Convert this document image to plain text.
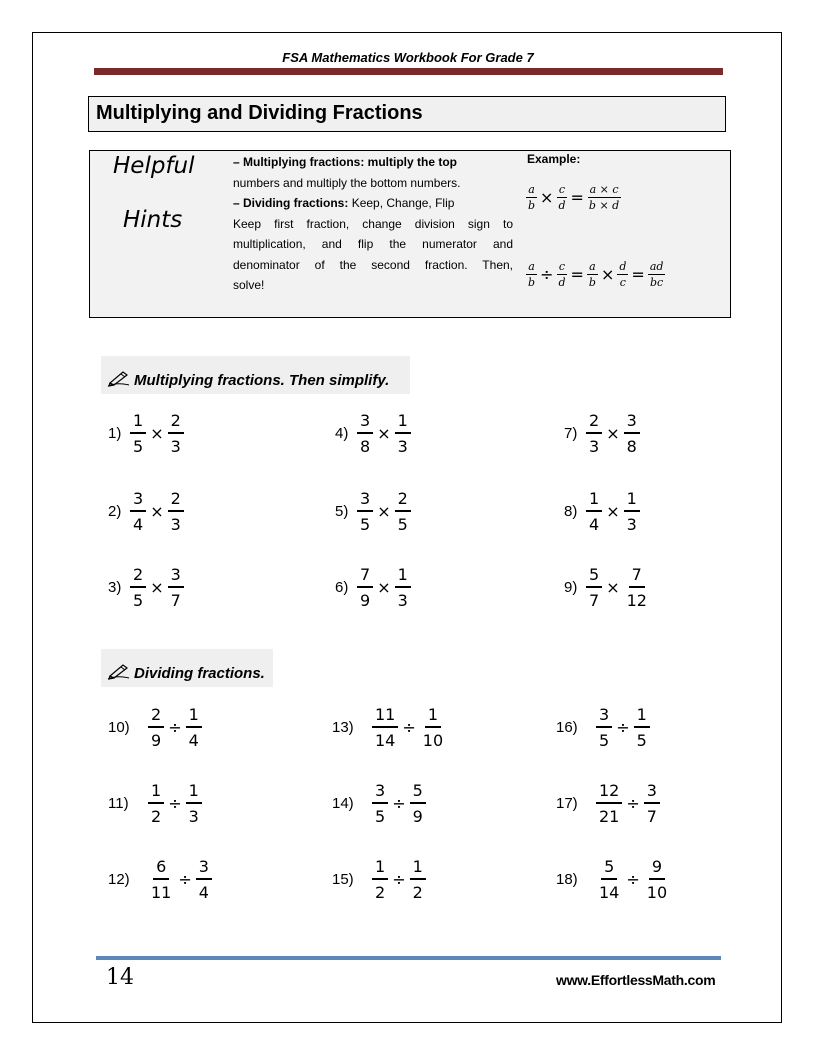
FSA Mathematics Workbook For Grade 7
Multiplying and Dividing Fractions
Helpful
Hints

– Multiplying fractions: multiply the top

numbers and multiply the bottom numbers.

– Dividing fractions: Keep, Change, Flip

Keep first fraction, change division sign to

multiplication, and flip the numerator and

denominator of the second fraction. Then,

solve!

Example:
$\frac{a}{b} \times \frac{c}{d} = \frac{a \times c}{b \times d}$
$\frac{a}{b} \div \frac{c}{d} = \frac{a}{b} \times \frac{d}{c} = \frac{ad}{bc}$
Multiplying fractions. Then simplify.
$1) \frac{1}{5} \times \frac{2}{3}$
$2) \frac{3}{4} \times \frac{2}{3}$
$3) \frac{2}{5} \times \frac{3}{7}$
$4) \frac{3}{8} \times \frac{1}{3}$
$5) \frac{3}{5} \times \frac{2}{5}$
$6) \frac{7}{9} \times \frac{1}{3}$
$7) \frac{2}{3} \times \frac{3}{8}$
$8) \frac{1}{4} \times \frac{1}{3}$
$9) \frac{5}{7} \times \frac{7}{12}$
Dividing fractions.
10)	$\frac{2}{9} \div \frac{1}{4}$
11)	$\frac{1}{2} \div \frac{1}{3}$
12)	$\frac{6}{11} \div \frac{3}{4}$
13)	$\frac{11}{14} \div \frac{1}{10}$
14)	$\frac{3}{5} \div \frac{5}{9}$
15)	$\frac{1}{2} \div \frac{1}{2}$
16)	$\frac{3}{5} \div \frac{1}{5}$
17)	$\frac{12}{21} \div \frac{3}{7}$
18)	$\frac{5}{14} \div \frac{9}{10}$
14	www.EffortlessMath.com
